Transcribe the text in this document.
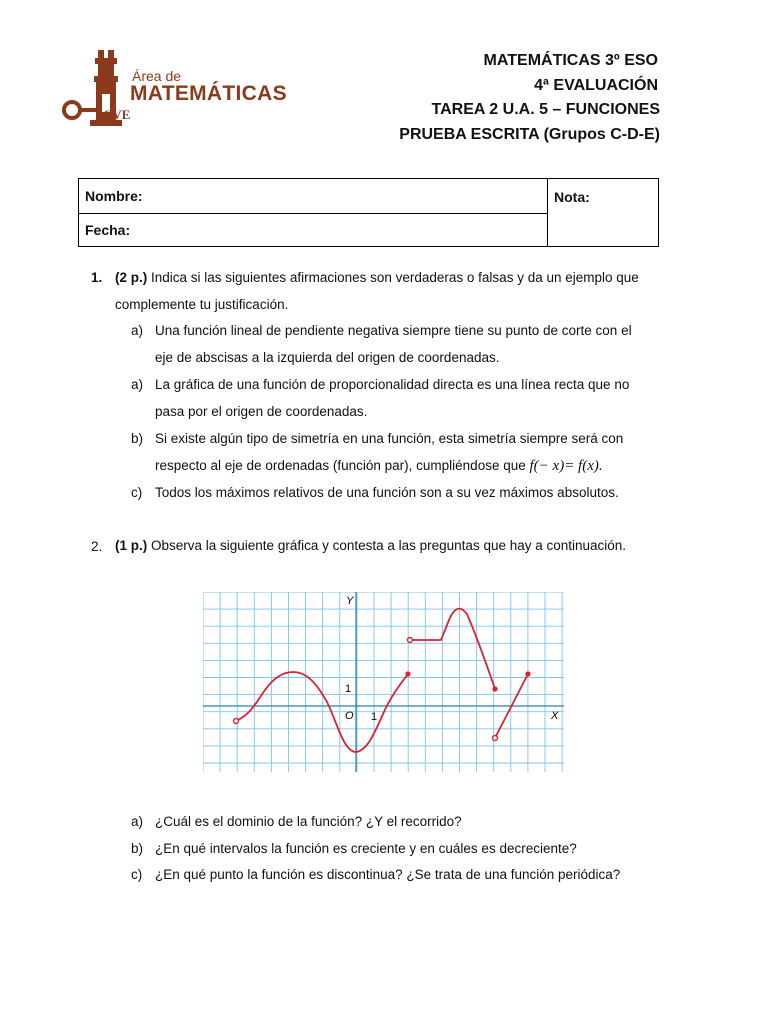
Área de
MATEMÁTICAS
CVE
MATEMÁTICAS 3º ESO
4ª EVALUACIÓN
TAREA 2 U.A. 5 – FUNCIONES
PRUEBA ESCRITA (Grupos C-D-E)
Nombre:	Nota:
Fecha:
1. (2 p.) Indica si las siguientes afirmaciones son verdaderas o falsas y da un ejemplo que
complemente tu justificación.
a) Una función lineal de pendiente negativa siempre tiene su punto de corte con el
eje de abscisas a la izquierda del origen de coordenadas.
a) La gráfica de una función de proporcionalidad directa es una línea recta que no
pasa por el origen de coordenadas.
b) Si existe algún tipo de simetría en una función, esta simetría siempre será con
respecto al eje de ordenadas (función par), cumpliéndose que f(− x)= f(x).
c) Todos los máximos relativos de una función son a su vez máximos absolutos.
2. (1 p.) Observa la siguiente gráfica y contesta a las preguntas que hay a continuación.
Y
X
O 1
1
a) ¿Cuál es el dominio de la función? ¿Y el recorrido?
b) ¿En qué intervalos la función es creciente y en cuáles es decreciente?
c) ¿En qué punto la función es discontinua? ¿Se trata de una función periódica?
